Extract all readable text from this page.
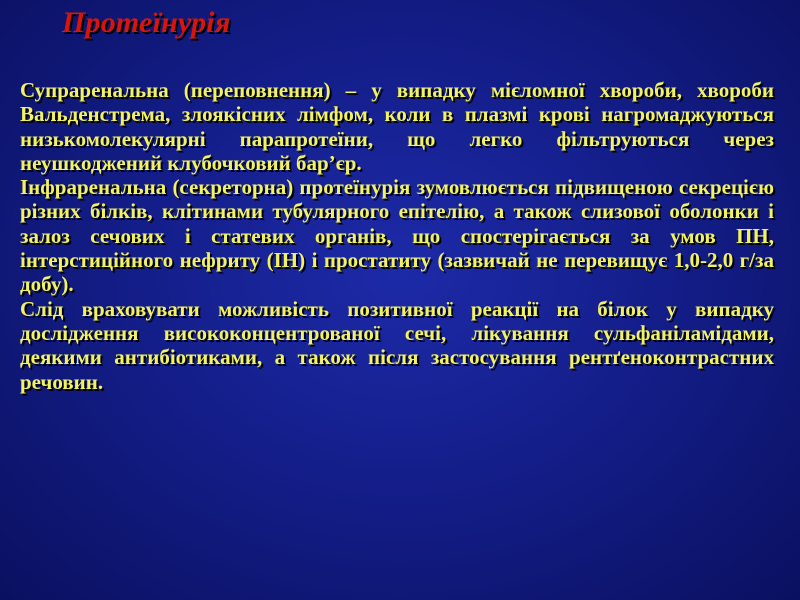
Протеїнурія

Супраренальна (переповнення) – у випадку мієломної хвороби, хвороби Вальденстрема, злоякісних лімфом, коли в плазмі крові нагромаджуються низькомолекулярні парапротеїни, що легко фільтруються через неушкоджений клубочковий бар’єр.

Інфраренальна (секреторна) протеїнурія зумовлюється підвищеною секрецією різних білків, клітинами тубулярного епітелію, а також слизової оболонки і залоз сечових і статевих органів, що спостерігається за умов ПН, інтерстиційного нефриту (ІН) і простатиту (зазвичай не перевищує 1,0-2,0 г/за добу).

Слід враховувати можливість позитивної реакції на білок у випадку дослідження висококонцентрованої сечі, лікування сульфаніламідами, деякими антибіотиками, а також після застосування рентґеноконтрастних речовин.
